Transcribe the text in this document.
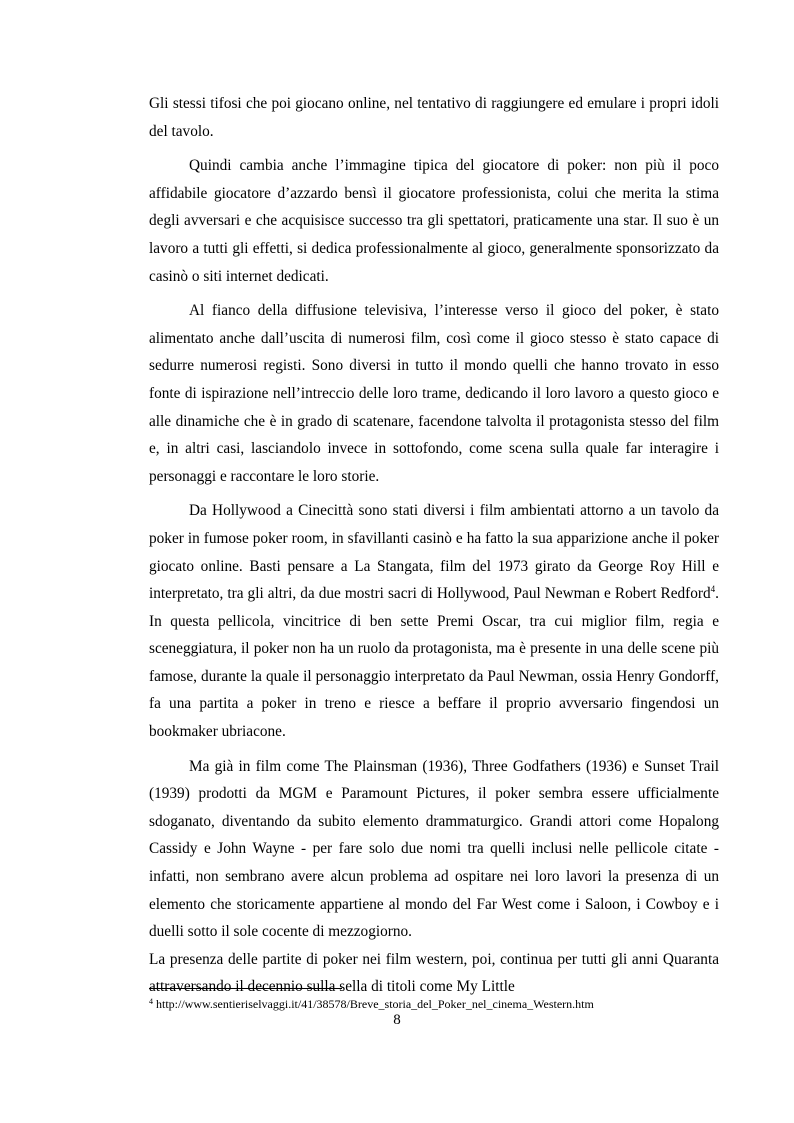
Gli stessi tifosi che poi giocano online, nel tentativo di raggiungere ed emulare i propri idoli del tavolo.

Quindi cambia anche l’immagine tipica del giocatore di poker: non più il poco affidabile giocatore d’azzardo bensì il giocatore professionista, colui che merita la stima degli avversari e che acquisisce successo tra gli spettatori, praticamente una star. Il suo è un lavoro a tutti gli effetti, si dedica professionalmente al gioco, generalmente sponsorizzato da casinò o siti internet dedicati.

Al fianco della diffusione televisiva, l’interesse verso il gioco del poker, è stato alimentato anche dall’uscita di numerosi film, così come il gioco stesso è stato capace di sedurre numerosi registi. Sono diversi in tutto il mondo quelli che hanno trovato in esso fonte di ispirazione nell’intreccio delle loro trame, dedicando il loro lavoro a questo gioco e alle dinamiche che è in grado di scatenare, facendone talvolta il protagonista stesso del film e, in altri casi, lasciandolo invece in sottofondo, come scena sulla quale far interagire i personaggi e raccontare le loro storie.

Da Hollywood a Cinecittà sono stati diversi i film ambientati attorno a un tavolo da poker in fumose poker room, in sfavillanti casinò e ha fatto la sua apparizione anche il poker giocato online. Basti pensare a La Stangata, film del 1973 girato da George Roy Hill e interpretato, tra gli altri, da due mostri sacri di Hollywood, Paul Newman e Robert Redford$^4$. In questa pellicola, vincitrice di ben sette Premi Oscar, tra cui miglior film, regia e sceneggiatura, il poker non ha un ruolo da protagonista, ma è presente in una delle scene più famose, durante la quale il personaggio interpretato da Paul Newman, ossia Henry Gondorff, fa una partita a poker in treno e riesce a beffare il proprio avversario fingendosi un bookmaker ubriacone.

Ma già in film come The Plainsman (1936), Three Godfathers (1936) e Sunset Trail (1939) prodotti da MGM e Paramount Pictures, il poker sembra essere ufficialmente sdoganato, diventando da subito elemento drammaturgico. Grandi attori come Hopalong Cassidy e John Wayne - per fare solo due nomi tra quelli inclusi nelle pellicole citate - infatti, non sembrano avere alcun problema ad ospitare nei loro lavori la presenza di un elemento che storicamente appartiene al mondo del Far West come i Saloon, i Cowboy e i duelli sotto il sole cocente di mezzogiorno.

La presenza delle partite di poker nei film western, poi, continua per tutti gli anni Quaranta attraversando il decennio sulla sella di titoli come My Little

$^4$ http://www.sentieriselvaggi.it/41/38578/Breve_storia_del_Poker_nel_cinema_Western.htm
8
